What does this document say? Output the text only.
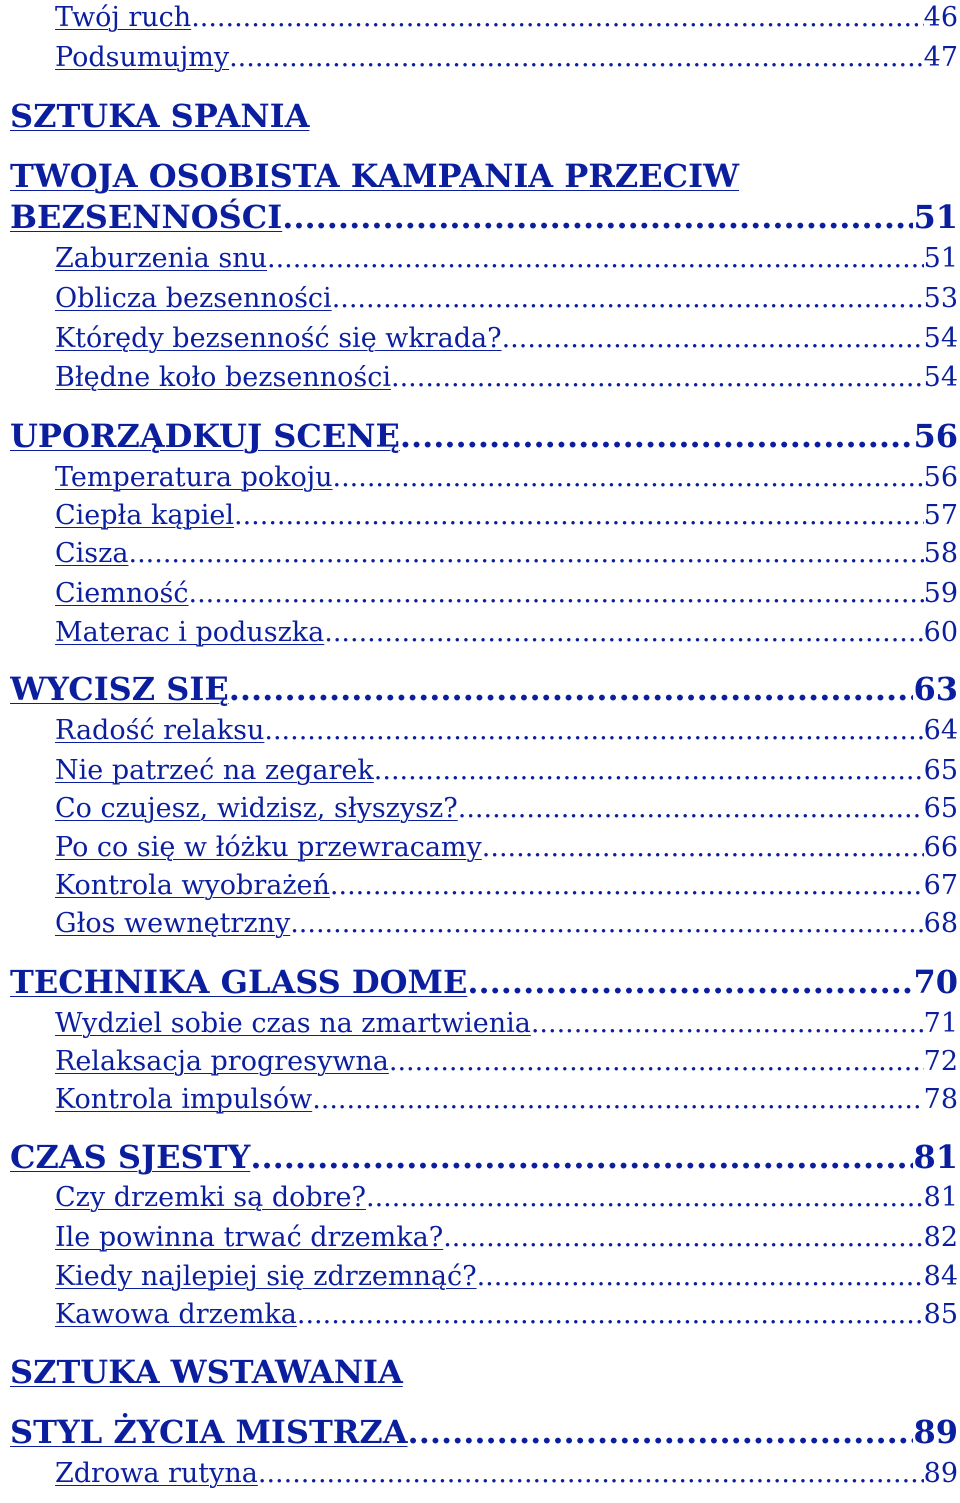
Twój ruch .....	46
Podsumujmy .....	47
SZTUKA SPANIA
TWOJA OSOBISTA KAMPANIA PRZECIW
BEZSENNOŚCI .....	51
Zaburzenia snu .....	51
Oblicza bezsenności .....	53
Którędy bezsenność się wkrada? .....	54
Błędne koło bezsenności .....	54
UPORZĄDKUJ SCENĘ .....	56
Temperatura pokoju .....	56
Ciepła kąpiel .....	57
Cisza .....	58
Ciemność .....	59
Materac i poduszka .....	60
WYCISZ SIĘ .....	63
Radość relaksu .....	64
Nie patrzeć na zegarek .....	65
Co czujesz, widzisz, słyszysz? .....	65
Po co się w łóżku przewracamy .....	66
Kontrola wyobrażeń .....	67
Głos wewnętrzny .....	68
TECHNIKA GLASS DOME .....	70
Wydziel sobie czas na zmartwienia .....	71
Relaksacja progresywna .....	72
Kontrola impulsów .....	78
CZAS SJESTY .....	81
Czy drzemki są dobre? .....	81
Ile powinna trwać drzemka? .....	82
Kiedy najlepiej się zdrzemnąć? .....	84
Kawowa drzemka .....	85
SZTUKA WSTAWANIA
STYL ŻYCIA MISTRZA .....	89
Zdrowa rutyna .....	89
